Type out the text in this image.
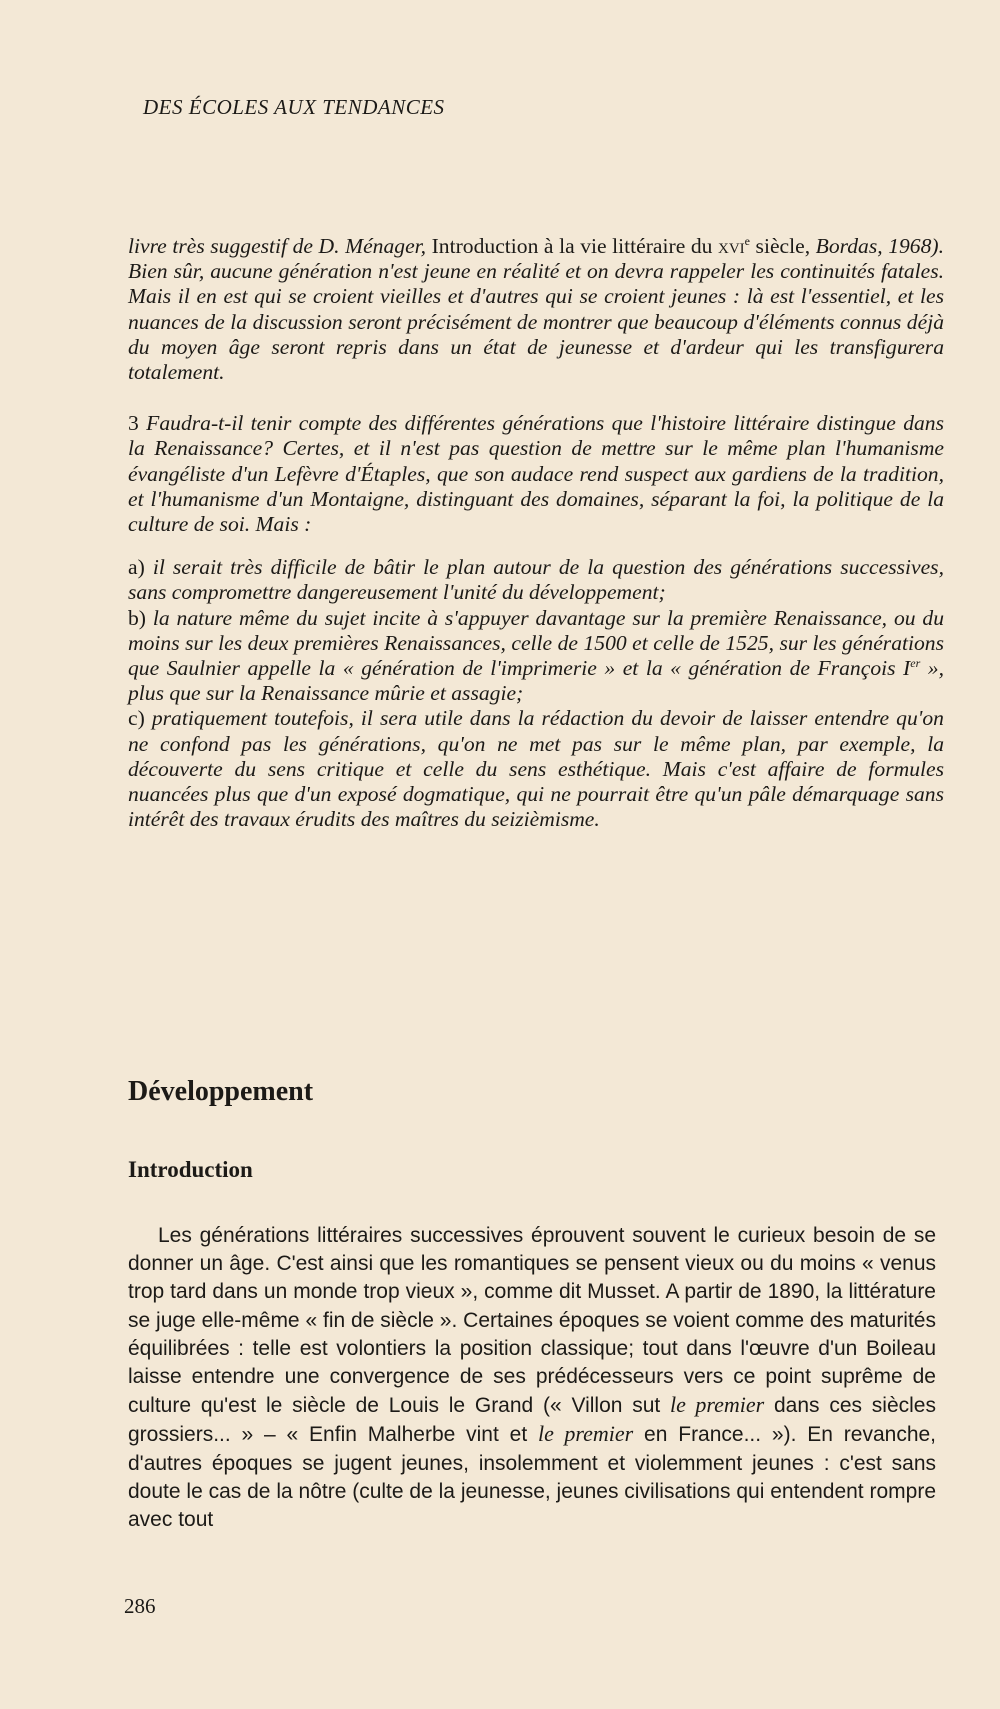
DES ÉCOLES AUX TENDANCES

livre très suggestif de D. Ménager, Introduction à la vie littéraire du xvi$^e$ siècle, Bordas, 1968). Bien sûr, aucune génération n'est jeune en réalité et on devra rappeler les continuités fatales. Mais il en est qui se croient vieilles et d'autres qui se croient jeunes : là est l'essentiel, et les nuances de la discussion seront précisément de montrer que beaucoup d'éléments connus déjà du moyen âge seront repris dans un état de jeunesse et d'ardeur qui les transfigurera totalement.

3 Faudra-t-il tenir compte des différentes générations que l'histoire littéraire distingue dans la Renaissance? Certes, et il n'est pas question de mettre sur le même plan l'humanisme évangéliste d'un Lefèvre d'Étaples, que son audace rend suspect aux gardiens de la tradition, et l'humanisme d'un Montaigne, distinguant des domaines, séparant la foi, la politique de la culture de soi. Mais :

a) il serait très difficile de bâtir le plan autour de la question des générations successives, sans compromettre dangereusement l'unité du développement;

b) la nature même du sujet incite à s'appuyer davantage sur la première Renaissance, ou du moins sur les deux premières Renaissances, celle de 1500 et celle de 1525, sur les générations que Saulnier appelle la « génération de l'imprimerie » et la « génération de François Ier », plus que sur la Renaissance mûrie et assagie;

c) pratiquement toutefois, il sera utile dans la rédaction du devoir de laisser entendre qu'on ne confond pas les générations, qu'on ne met pas sur le même plan, par exemple, la découverte du sens critique et celle du sens esthétique. Mais c'est affaire de formules nuancées plus que d'un exposé dogmatique, qui ne pourrait être qu'un pâle démarquage sans intérêt des travaux érudits des maîtres du seizièmisme.

Développement
Introduction

Les générations littéraires successives éprouvent souvent le curieux besoin de se donner un âge. C'est ainsi que les romantiques se pensent vieux ou du moins « venus trop tard dans un monde trop vieux », comme dit Musset. A partir de 1890, la littérature se juge elle-même « fin de siècle ». Certaines époques se voient comme des maturités équilibrées : telle est volontiers la position classique; tout dans l'œuvre d'un Boileau laisse entendre une convergence de ses prédécesseurs vers ce point suprême de culture qu'est le siècle de Louis le Grand (« Villon sut le premier dans ces siècles grossiers... » – « Enfin Malherbe vint et le premier en France... »). En revanche, d'autres époques se jugent jeunes, insolemment et violemment jeunes : c'est sans doute le cas de la nôtre (culte de la jeunesse, jeunes civilisations qui entendent rompre avec tout

286
